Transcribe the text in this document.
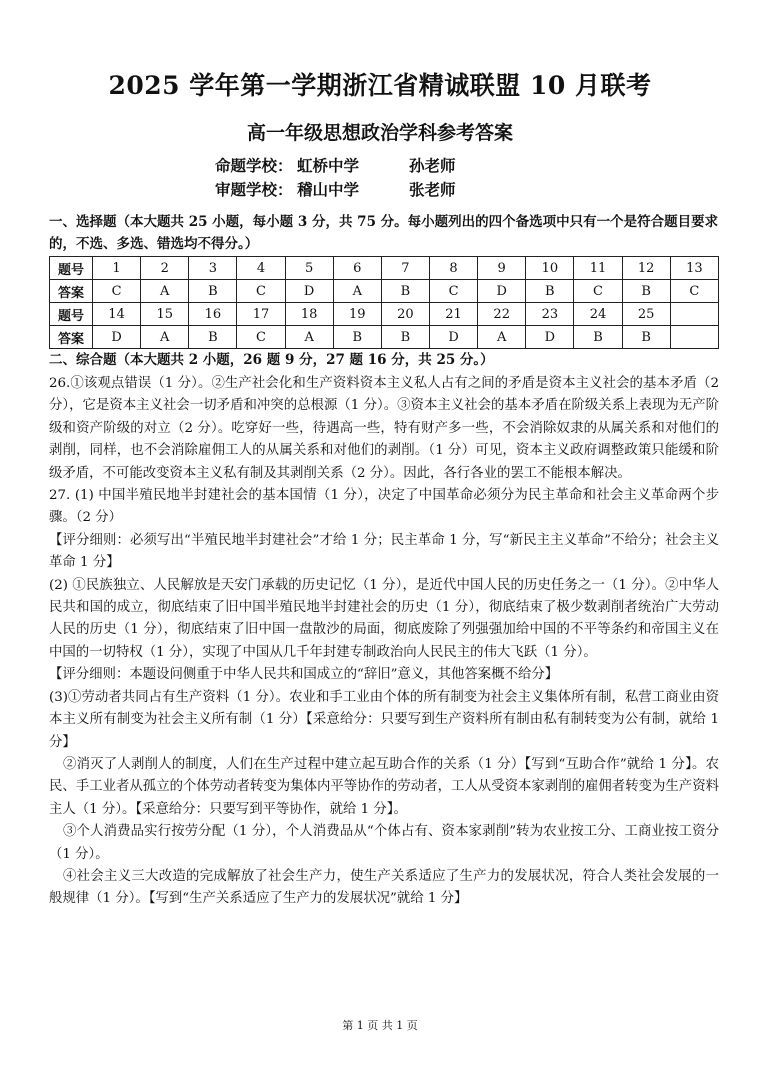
2025 学年第一学期浙江省精诚联盟 10 月联考
高一年级思想政治学科参考答案
命题学校： 虹桥中学	孙老师
审题学校： 稽山中学	张老师
一、选择题（本大题共 25 小题，每小题 3 分，共 75 分。每小题列出的四个备选项中只有一个是符合题目要求的，不选、多选、错选均不得分。）
题号	1	2	3	4	5	6	7	8	9	10	11	12	13
答案	C	A	B	C	D	A	B	C	D	B	C	B	C
题号	14	15	16	17	18	19	20	21	22	23	24	25	
答案	D	A	B	C	A	B	B	D	A	D	B	B	
二、综合题（本大题共 2 小题，26 题 9 分，27 题 16 分，共 25 分。）

26.①该观点错误（1 分）。②生产社会化和生产资料资本主义私人占有之间的矛盾是资本主义社会的基本矛盾（2 分），它是资本主义社会一切矛盾和冲突的总根源（1 分）。③资本主义社会的基本矛盾在阶级关系上表现为无产阶级和资产阶级的对立（2 分）。吃穿好一些，待遇高一些，特有财产多一些，不会消除奴隶的从属关系和对他们的剥削，同样，也不会消除雇佣工人的从属关系和对他们的剥削。（1 分）可见，资本主义政府调整政策只能缓和阶级矛盾，不可能改变资本主义私有制及其剥削关系（2 分）。因此，各行各业的罢工不能根本解决。

27. (1) 中国半殖民地半封建社会的基本国情（1 分），决定了中国革命必须分为民主革命和社会主义革命两个步骤。（2 分）

【评分细则：必须写出“半殖民地半封建社会”才给 1 分；民主革命 1 分，写“新民主主义革命”不给分；社会主义革命 1 分】

(2) ①民族独立、人民解放是天安门承载的历史记忆（1 分），是近代中国人民的历史任务之一（1 分）。②中华人民共和国的成立，彻底结束了旧中国半殖民地半封建社会的历史（1 分），彻底结束了极少数剥削者统治广大劳动人民的历史（1 分），彻底结束了旧中国一盘散沙的局面，彻底废除了列强强加给中国的不平等条约和帝国主义在中国的一切特权（1 分），实现了中国从几千年封建专制政治向人民民主的伟大飞跃（1 分）。

【评分细则：本题设问侧重于中华人民共和国成立的“辞旧”意义，其他答案概不给分】

(3)①劳动者共同占有生产资料（1 分）。农业和手工业由个体的所有制变为社会主义集体所有制，私营工商业由资本主义所有制变为社会主义所有制（1 分）【采意给分：只要写到生产资料所有制由私有制转变为公有制，就给 1 分】

②消灭了人剥削人的制度，人们在生产过程中建立起互助合作的关系（1 分）【写到“互助合作”就给 1 分】。农民、手工业者从孤立的个体劳动者转变为集体内平等协作的劳动者，工人从受资本家剥削的雇佣者转变为生产资料主人（1 分）。【采意给分：只要写到平等协作，就给 1 分】。

③个人消费品实行按劳分配（1 分），个人消费品从“个体占有、资本家剥削”转为农业按工分、工商业按工资分（1 分）。

④社会主义三大改造的完成解放了社会生产力，使生产关系适应了生产力的发展状况，符合人类社会发展的一般规律（1 分）。【写到“生产关系适应了生产力的发展状况”就给 1 分】

第 1 页 共 1 页
